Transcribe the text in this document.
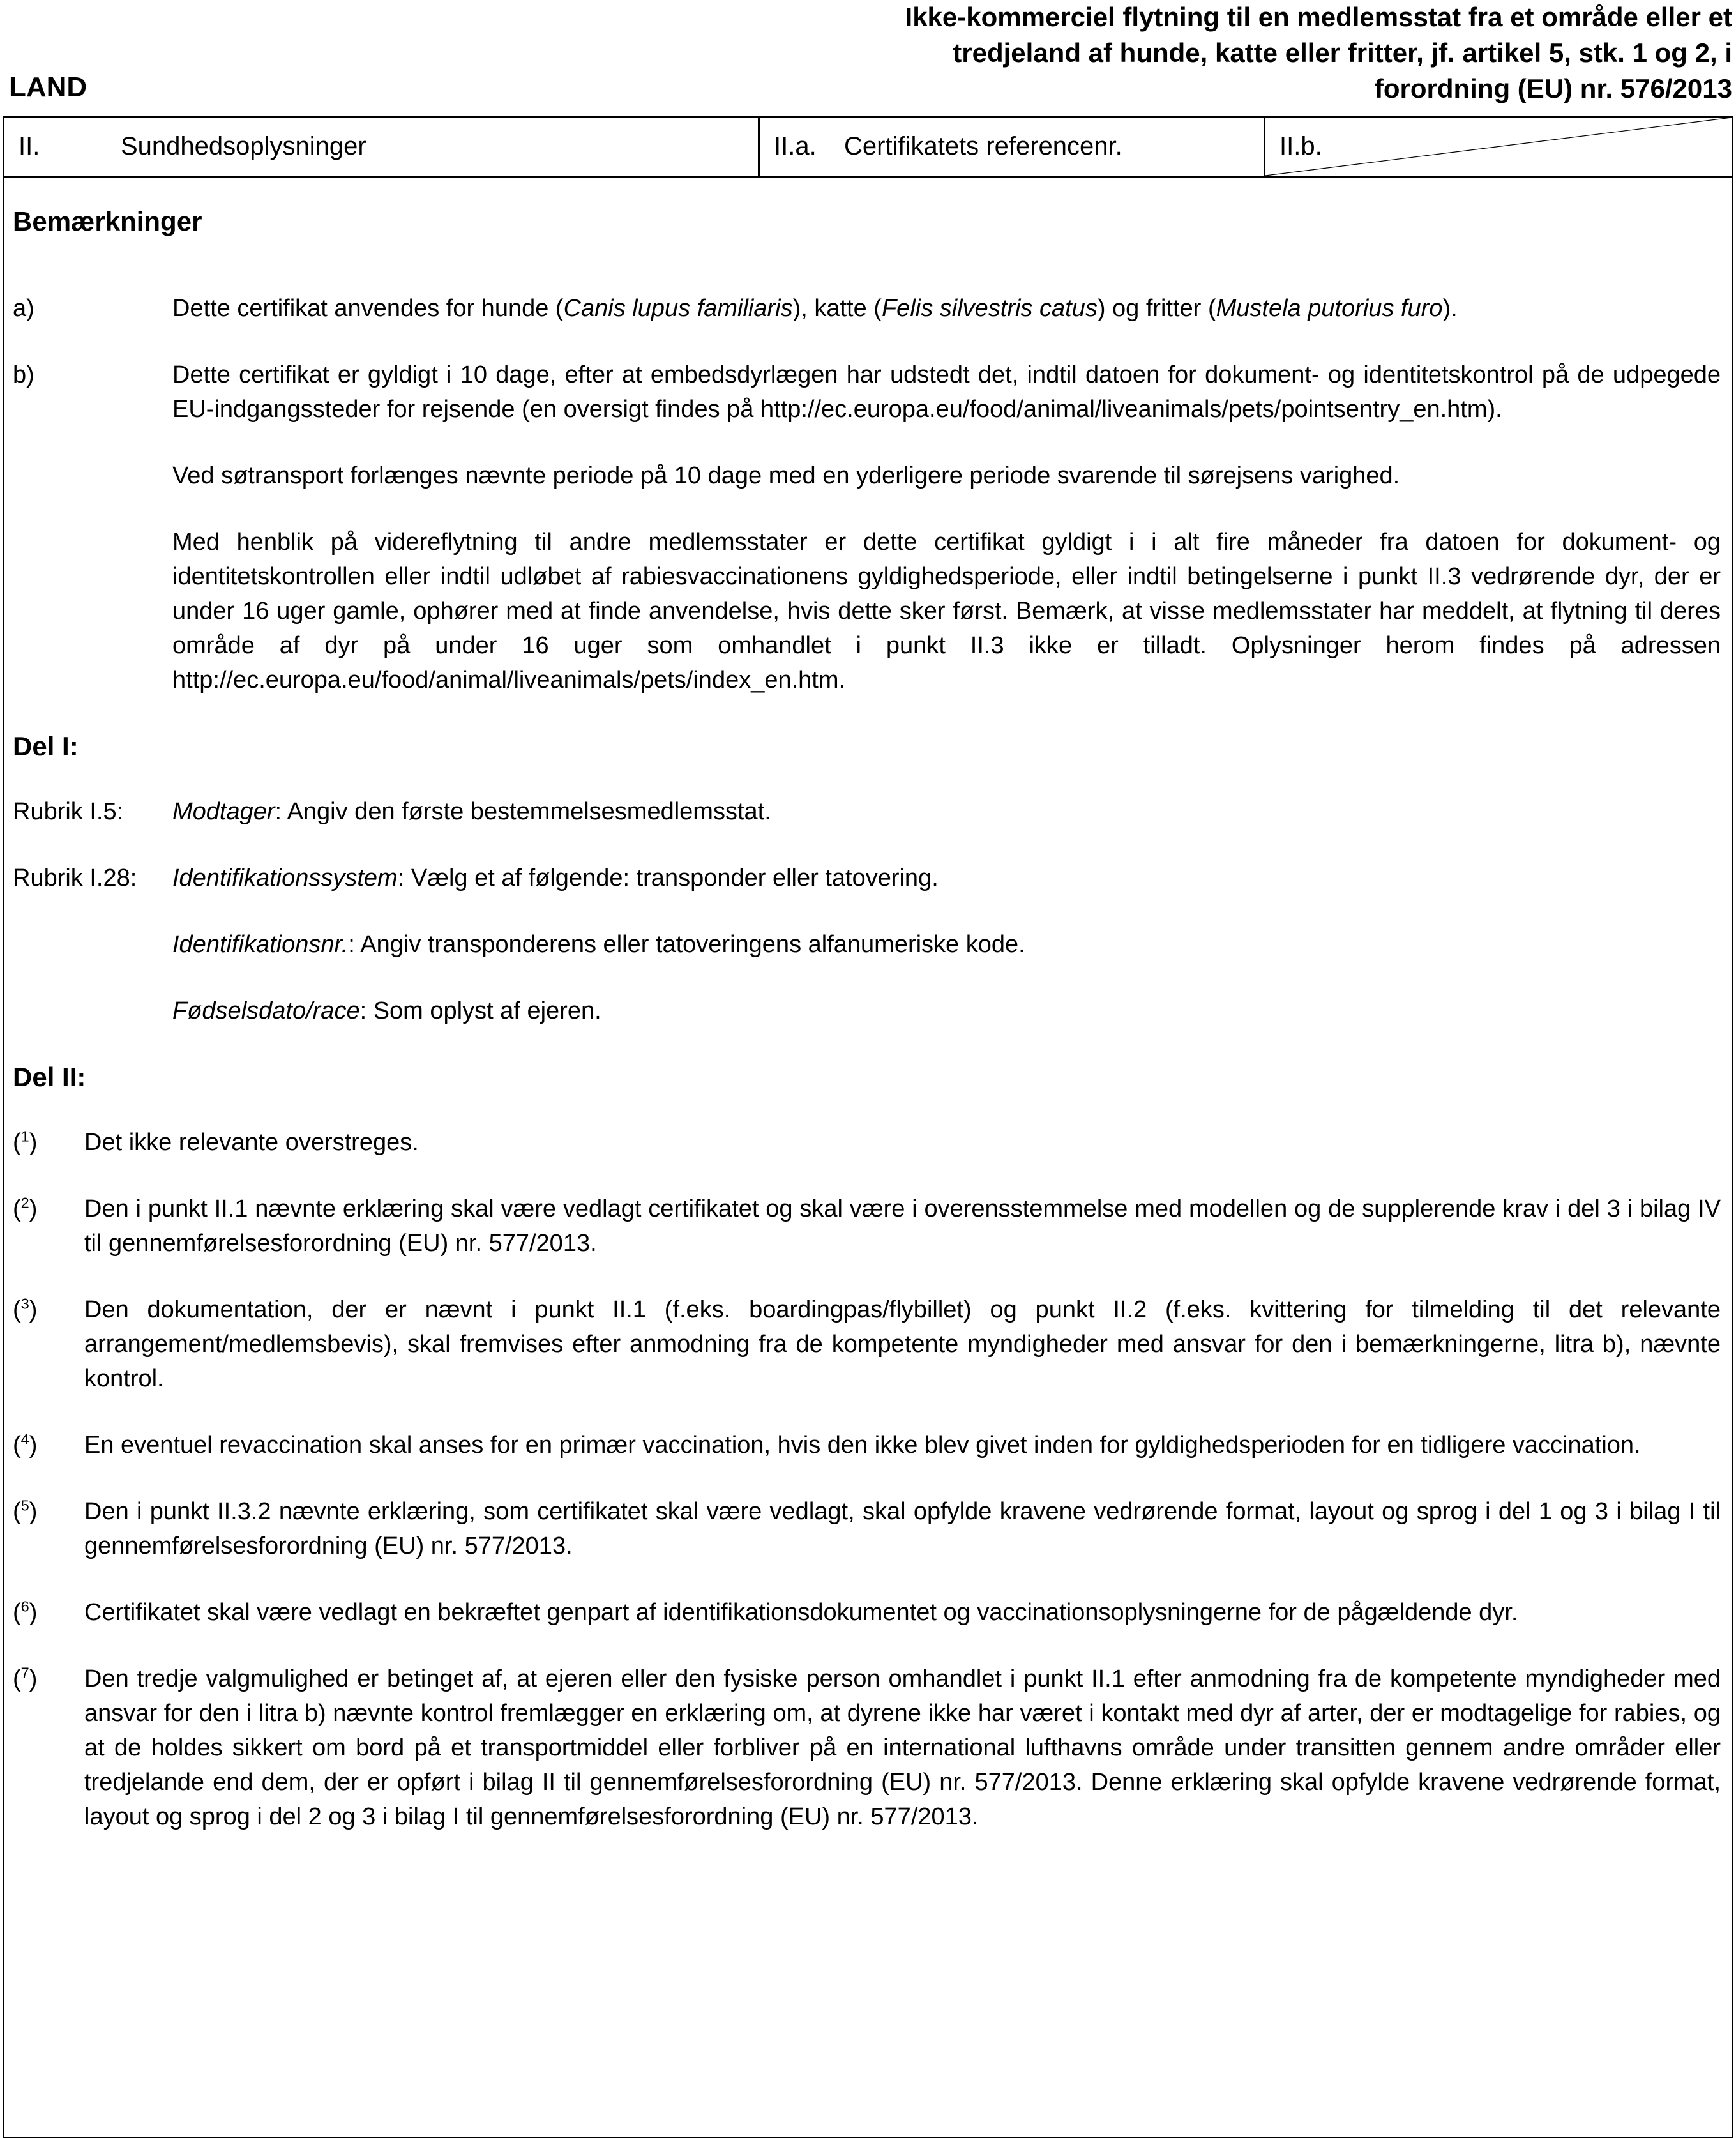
LAND
Ikke-kommerciel flytning til en medlemsstat fra et område eller et
tredjeland af hunde, katte eller fritter, jf. artikel 5, stk. 1 og 2, i
forordning (EU) nr. 576/2013
II.	Sundhedsoplysninger	II.a.	Certifikatets referencenr.	II.b.
Bemærkninger
a)	Dette certifikat anvendes for hunde (Canis lupus familiaris), katte (Felis silvestris catus) og fritter (Mustela putorius furo).
b)	Dette certifikat er gyldigt i 10 dage, efter at embedsdyrlægen har udstedt det, indtil datoen for dokument- og identitetskontrol på de udpegede EU-indgangssteder for rejsende (en oversigt findes på http://ec.europa.eu/food/animal/liveanimals/pets/pointsentry_en.htm).
Ved søtransport forlænges nævnte periode på 10 dage med en yderligere periode svarende til sørejsens varighed.
Med henblik på videreflytning til andre medlemsstater er dette certifikat gyldigt i i alt fire måneder fra datoen for dokument- og identitetskontrollen eller indtil udløbet af rabiesvaccinationens gyldighedsperiode, eller indtil betingelserne i punkt II.3 vedrørende dyr, der er under 16 uger gamle, ophører med at finde anvendelse, hvis dette sker først. Bemærk, at visse medlemsstater har meddelt, at flytning til deres område af dyr på under 16 uger som omhandlet i punkt II.3 ikke er tilladt. Oplysninger herom findes på adressen http://ec.europa.eu/food/animal/liveanimals/pets/index_en.htm.
Del I:
Rubrik I.5:	Modtager: Angiv den første bestemmelsesmedlemsstat.
Rubrik I.28:	Identifikationssystem: Vælg et af følgende: transponder eller tatovering.
Identifikationsnr.: Angiv transponderens eller tatoveringens alfanumeriske kode.
Fødselsdato/race: Som oplyst af ejeren.
Del II:
($^1$)	Det ikke relevante overstreges.
($^2$)	Den i punkt II.1 nævnte erklæring skal være vedlagt certifikatet og skal være i overensstemmelse med modellen og de supplerende krav i del 3 i bilag IV til gennemførelsesforordning (EU) nr. 577/2013.
($^3$)	Den dokumentation, der er nævnt i punkt II.1 (f.eks. boardingpas/flybillet) og punkt II.2 (f.eks. kvittering for tilmelding til det relevante arrangement/medlemsbevis), skal fremvises efter anmodning fra de kompetente myndigheder med ansvar for den i bemærkningerne, litra b), nævnte kontrol.
($^4$)	En eventuel revaccination skal anses for en primær vaccination, hvis den ikke blev givet inden for gyldighedsperioden for en tidligere vaccination.
($^5$)	Den i punkt II.3.2 nævnte erklæring, som certifikatet skal være vedlagt, skal opfylde kravene vedrørende format, layout og sprog i del 1 og 3 i bilag I til gennemførelsesforordning (EU) nr. 577/2013.
($^6$)	Certifikatet skal være vedlagt en bekræftet genpart af identifikationsdokumentet og vaccinationsoplysningerne for de pågældende dyr.
($^7$)	Den tredje valgmulighed er betinget af, at ejeren eller den fysiske person omhandlet i punkt II.1 efter anmodning fra de kompetente myndigheder med ansvar for den i litra b) nævnte kontrol fremlægger en erklæring om, at dyrene ikke har været i kontakt med dyr af arter, der er modtagelige for rabies, og at de holdes sikkert om bord på et transportmiddel eller forbliver på en international lufthavns område under transitten gennem andre områder eller tredjelande end dem, der er opført i bilag II til gennemførelsesforordning (EU) nr. 577/2013. Denne erklæring skal opfylde kravene vedrørende format, layout og sprog i del 2 og 3 i bilag I til gennemførelsesforordning (EU) nr. 577/2013.
